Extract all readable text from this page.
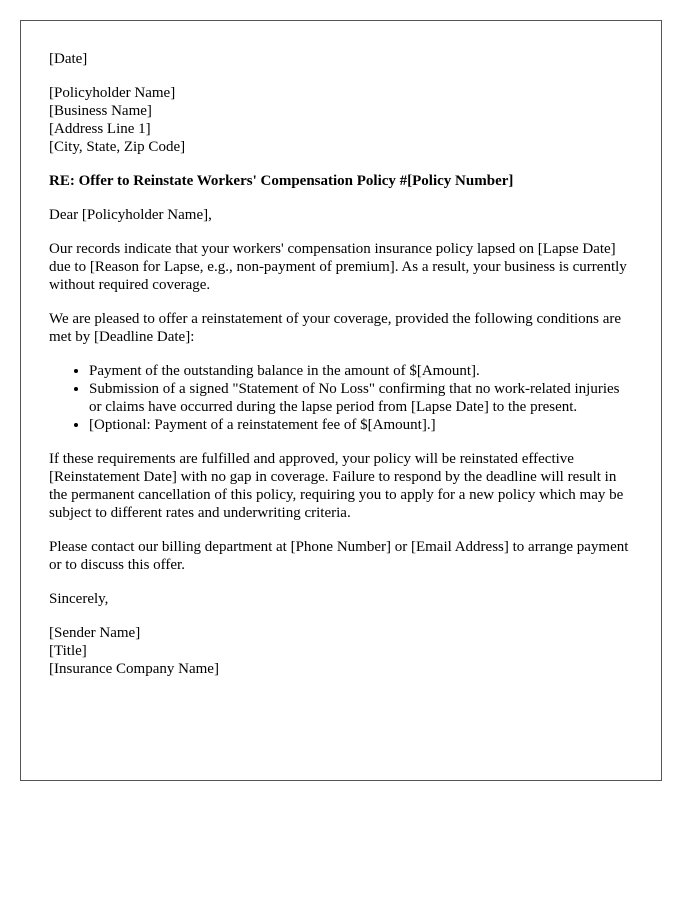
[Date]
[Policyholder Name]
[Business Name]
[Address Line 1]
[City, State, Zip Code]

RE: Offer to Reinstate Workers' Compensation Policy #[Policy Number]

Dear [Policyholder Name],

Our records indicate that your workers' compensation insurance policy lapsed on [Lapse Date] due to [Reason for Lapse, e.g., non-payment of premium]. As a result, your business is currently without required coverage.

We are pleased to offer a reinstatement of your coverage, provided the following conditions are met by [Deadline Date]:

• Payment of the outstanding balance in the amount of $[Amount].
• Submission of a signed "Statement of No Loss" confirming that no work-related injuries or claims have occurred during the lapse period from [Lapse Date] to the present.
• [Optional: Payment of a reinstatement fee of $[Amount].]

If these requirements are fulfilled and approved, your policy will be reinstated effective [Reinstatement Date] with no gap in coverage. Failure to respond by the deadline will result in the permanent cancellation of this policy, requiring you to apply for a new policy which may be subject to different rates and underwriting criteria.

Please contact our billing department at [Phone Number] or [Email Address] to arrange payment or to discuss this offer.

Sincerely,

[Sender Name]
[Title]
[Insurance Company Name]
